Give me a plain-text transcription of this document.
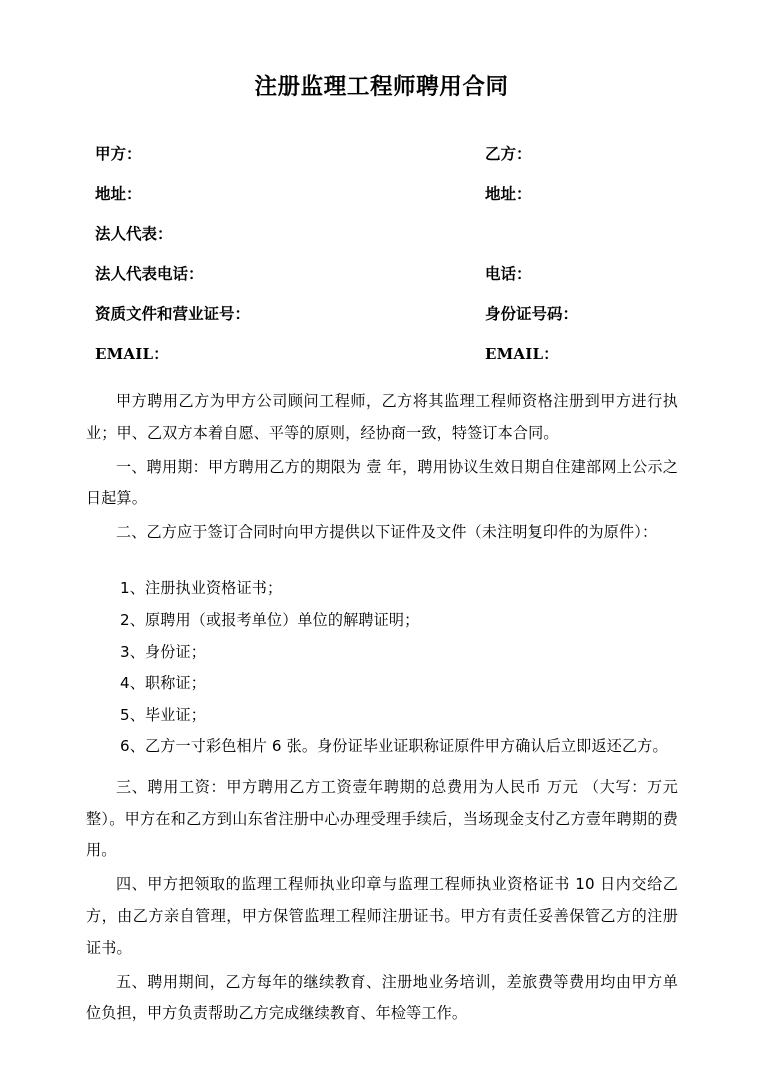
注册监理工程师聘用合同
甲方：	乙方：
地址：	地址：
法人代表：
法人代表电话：	电话：
资质文件和营业证号：	身份证号码：
EMAIL：	EMAIL：

甲方聘用乙方为甲方公司顾问工程师，乙方将其监理工程师资格注册到甲方进行执业；甲、乙双方本着自愿、平等的原则，经协商一致，特签订本合同。

一、聘用期：甲方聘用乙方的期限为 壹 年，聘用协议生效日期自住建部网上公示之日起算。

二、乙方应于签订合同时向甲方提供以下证件及文件（未注明复印件的为原件）：

1、注册执业资格证书；

2、原聘用（或报考单位）单位的解聘证明；

3、身份证；

4、职称证；

5、毕业证；

6、乙方一寸彩色相片 6 张。身份证毕业证职称证原件甲方确认后立即返还乙方。

三、聘用工资：甲方聘用乙方工资壹年聘期的总费用为人民币 万元 （大写：万元整）。甲方在和乙方到山东省注册中心办理受理手续后，当场现金支付乙方壹年聘期的费用。

四、甲方把领取的监理工程师执业印章与监理工程师执业资格证书 10 日内交给乙方，由乙方亲自管理，甲方保管监理工程师注册证书。甲方有责任妥善保管乙方的注册证书。

五、聘用期间，乙方每年的继续教育、注册地业务培训，差旅费等费用均由甲方单位负担，甲方负责帮助乙方完成继续教育、年检等工作。
